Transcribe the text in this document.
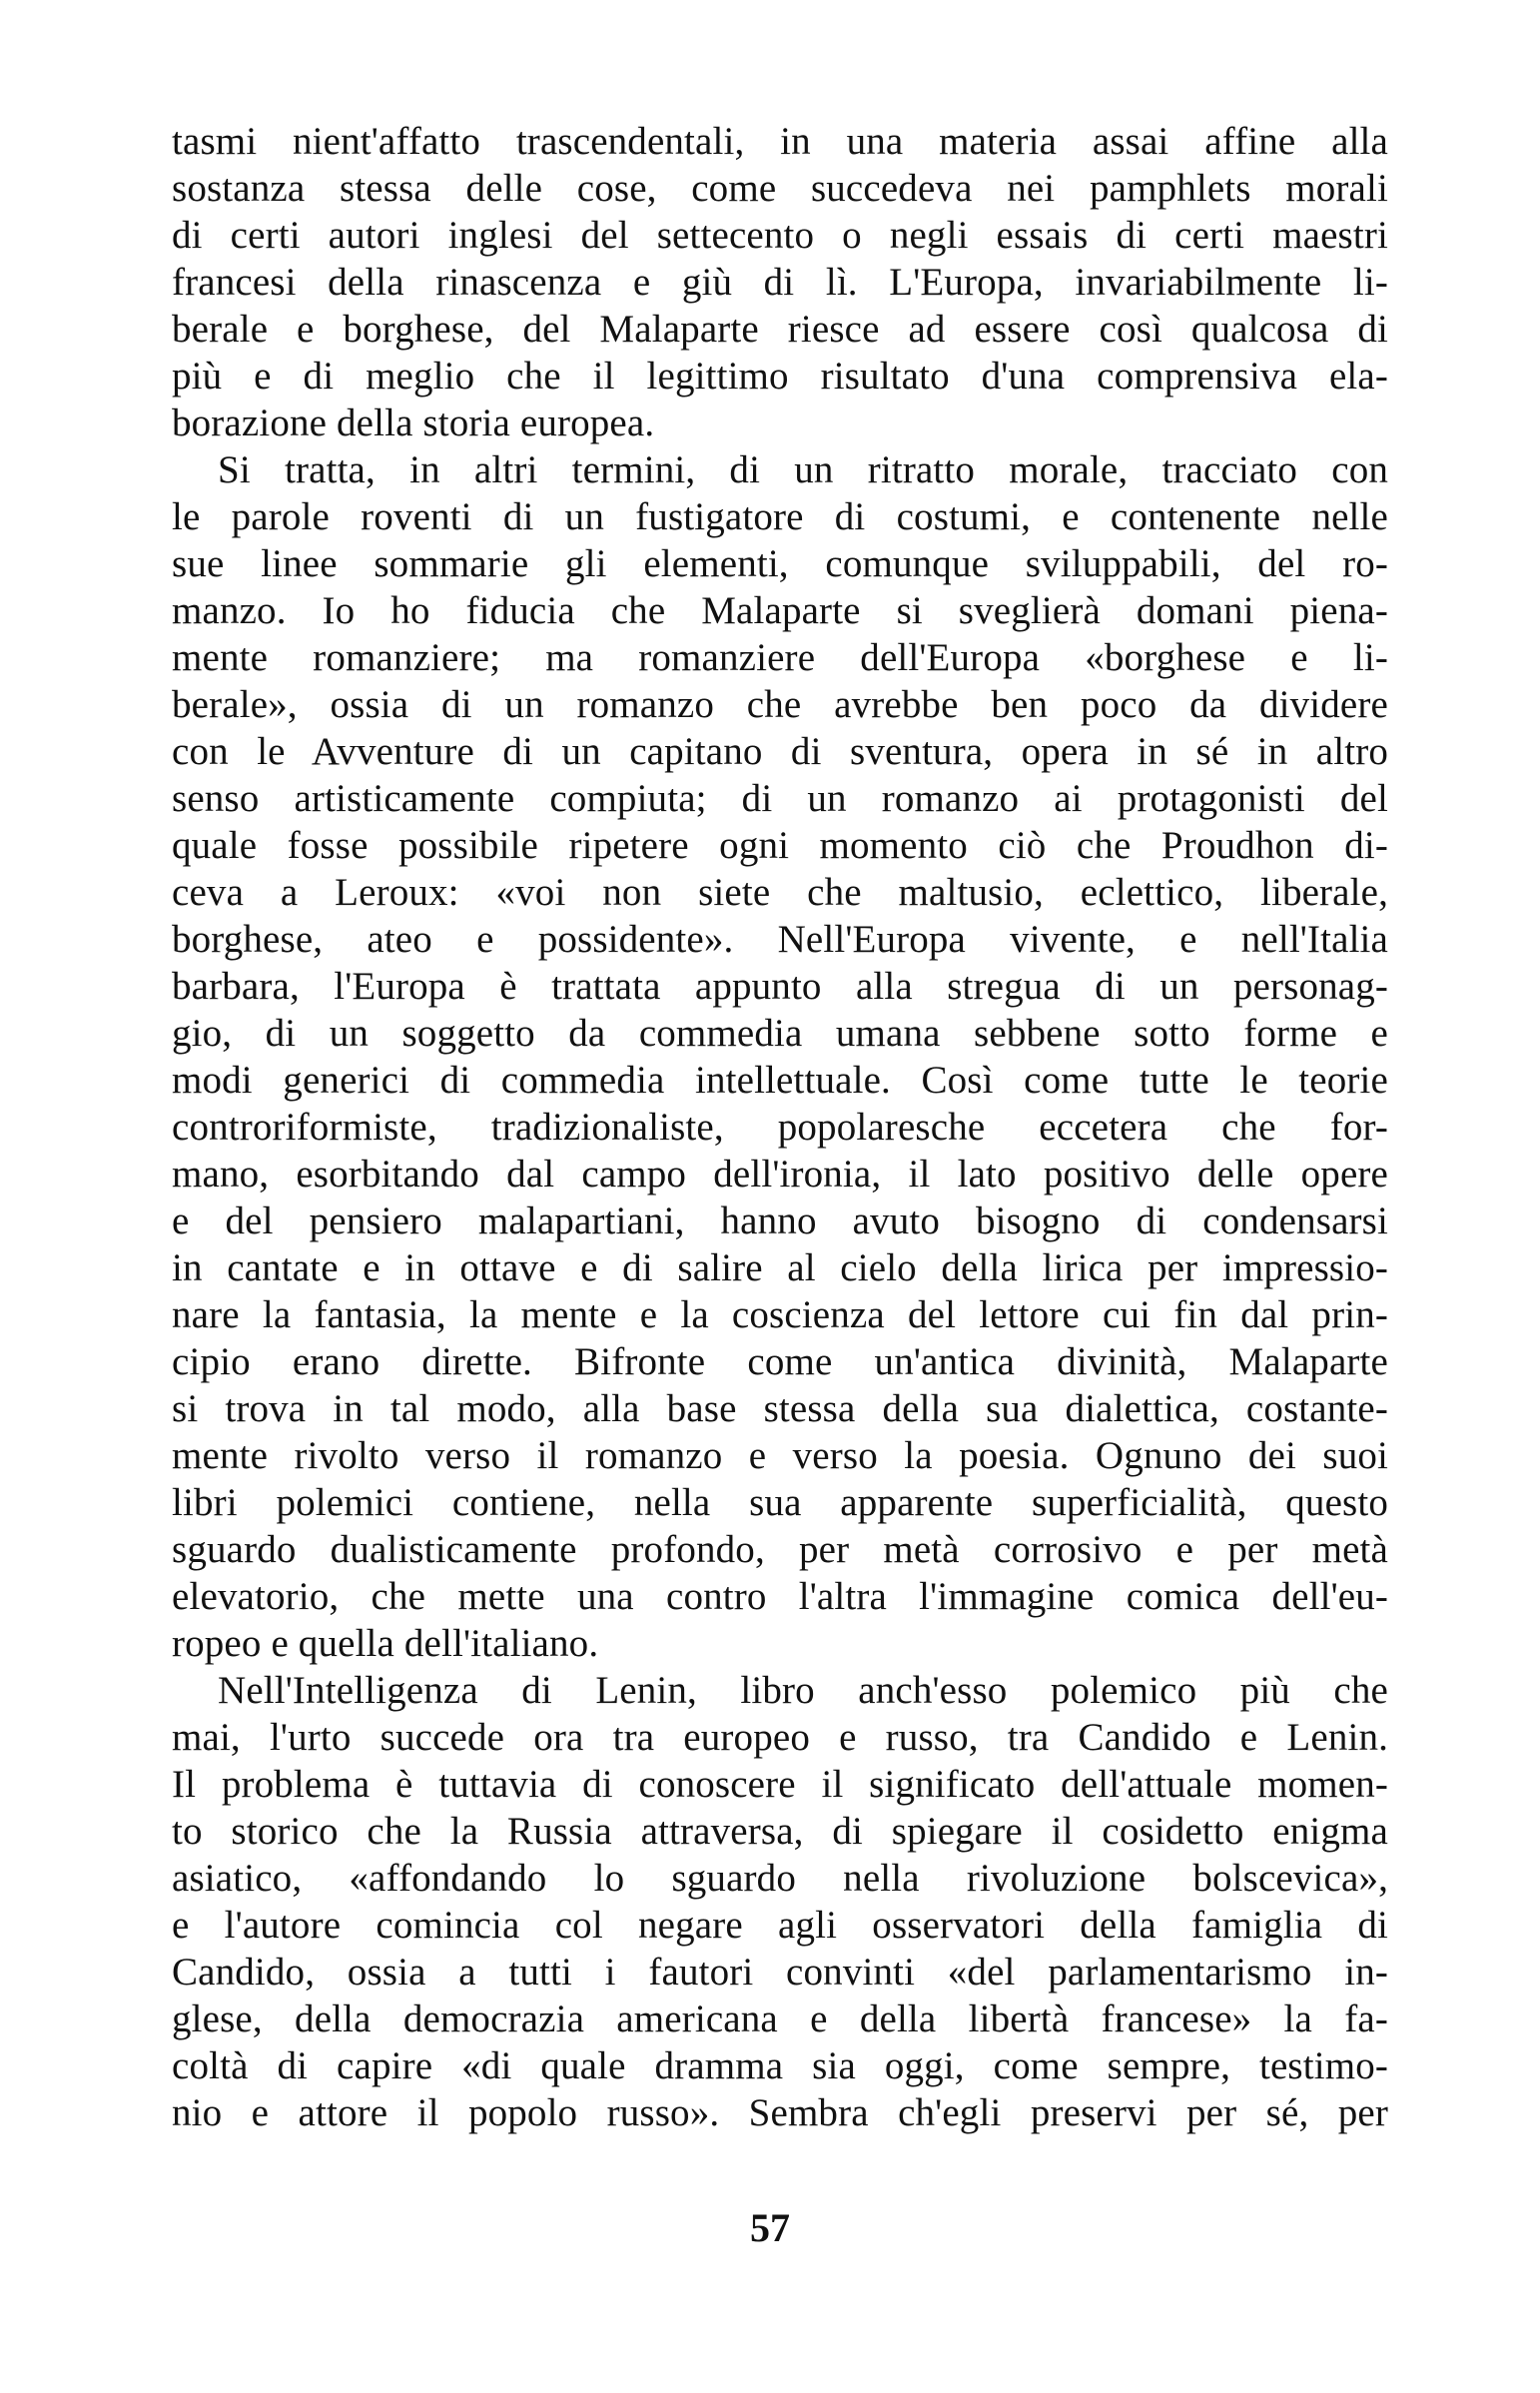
tasmi nient'affatto trascendentali, in una materia assai affine alla
sostanza stessa delle cose, come succedeva nei pamphlets morali
di certi autori inglesi del settecento o negli essais di certi maestri
francesi della rinascenza e giù di lì. L'Europa, invariabilmente li-
berale e borghese, del Malaparte riesce ad essere così qualcosa di
più e di meglio che il legittimo risultato d'una comprensiva ela-
borazione della storia europea.
Si tratta, in altri termini, di un ritratto morale, tracciato con
le parole roventi di un fustigatore di costumi, e contenente nelle
sue linee sommarie gli elementi, comunque sviluppabili, del ro-
manzo. Io ho fiducia che Malaparte si sveglierà domani piena-
mente romanziere; ma romanziere dell'Europa «borghese e li-
berale», ossia di un romanzo che avrebbe ben poco da dividere
con le Avventure di un capitano di sventura, opera in sé in altro
senso artisticamente compiuta; di un romanzo ai protagonisti del
quale fosse possibile ripetere ogni momento ciò che Proudhon di-
ceva a Leroux: «voi non siete che maltusio, eclettico, liberale,
borghese, ateo e possidente». Nell'Europa vivente, e nell'Italia
barbara, l'Europa è trattata appunto alla stregua di un personag-
gio, di un soggetto da commedia umana sebbene sotto forme e
modi generici di commedia intellettuale. Così come tutte le teorie
controriformiste, tradizionaliste, popolaresche eccetera che for-
mano, esorbitando dal campo dell'ironia, il lato positivo delle opere
e del pensiero malapartiani, hanno avuto bisogno di condensarsi
in cantate e in ottave e di salire al cielo della lirica per impressio-
nare la fantasia, la mente e la coscienza del lettore cui fin dal prin-
cipio erano dirette. Bifronte come un'antica divinità, Malaparte
si trova in tal modo, alla base stessa della sua dialettica, costante-
mente rivolto verso il romanzo e verso la poesia. Ognuno dei suoi
libri polemici contiene, nella sua apparente superficialità, questo
sguardo dualisticamente profondo, per metà corrosivo e per metà
elevatorio, che mette una contro l'altra l'immagine comica dell'eu-
ropeo e quella dell'italiano.
Nell'Intelligenza di Lenin, libro anch'esso polemico più che
mai, l'urto succede ora tra europeo e russo, tra Candido e Lenin.
Il problema è tuttavia di conoscere il significato dell'attuale momen-
to storico che la Russia attraversa, di spiegare il cosidetto enigma
asiatico, «affondando lo sguardo nella rivoluzione bolscevica»,
e l'autore comincia col negare agli osservatori della famiglia di
Candido, ossia a tutti i fautori convinti «del parlamentarismo in-
glese, della democrazia americana e della libertà francese» la fa-
coltà di capire «di quale dramma sia oggi, come sempre, testimo-
nio e attore il popolo russo». Sembra ch'egli preservi per sé, per
57
